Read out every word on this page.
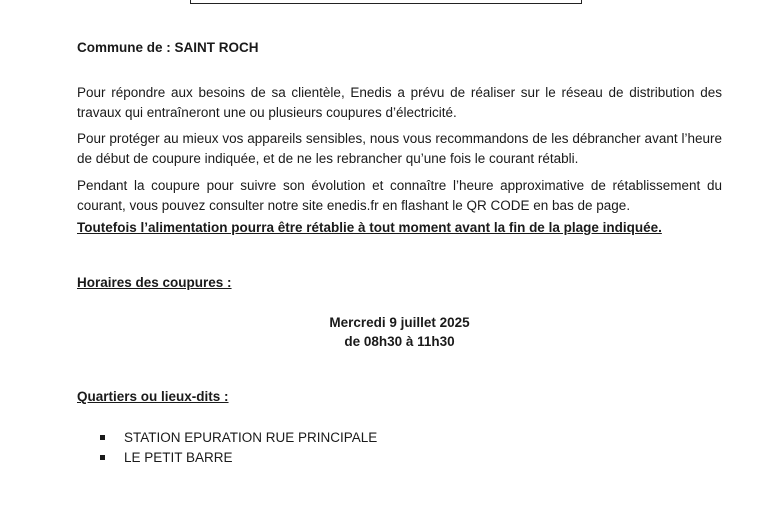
Commune de : SAINT ROCH
Pour répondre aux besoins de sa clientèle, Enedis a prévu de réaliser sur le réseau de distribution des travaux qui entraîneront une ou plusieurs coupures d’électricité.
Pour protéger au mieux vos appareils sensibles, nous vous recommandons de les débrancher avant l’heure de début de coupure indiquée, et de ne les rebrancher qu’une fois le courant rétabli.
Pendant la coupure pour suivre son évolution et connaître l’heure approximative de rétablissement du courant, vous pouvez consulter notre site enedis.fr en flashant le QR CODE en bas de page.
Toutefois l’alimentation pourra être rétablie à tout moment avant la fin de la plage indiquée.
Horaires des coupures :
Mercredi 9 juillet 2025
de 08h30 à 11h30
Quartiers ou lieux-dits :
STATION EPURATION RUE PRINCIPALE
LE PETIT BARRE
